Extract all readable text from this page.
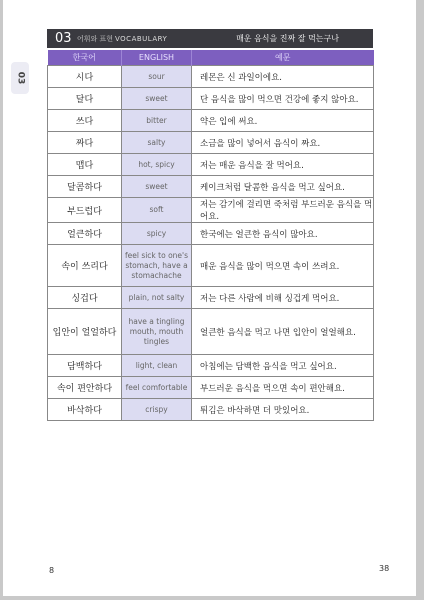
03
03 어휘와 표현 VOCABULARY	매운 음식을 진짜 잘 먹는구나
한국어	ENGLISH	예문
시다	sour	레몬은 신 과일이에요.
달다	sweet	단 음식을 많이 먹으면 건강에 좋지 않아요.
쓰다	bitter	약은 입에 써요.
짜다	salty	소금을 많이 넣어서 음식이 짜요.
맵다	hot, spicy	저는 매운 음식을 잘 먹어요.
달콤하다	sweet	케이크처럼 달콤한 음식을 먹고 싶어요.
부드럽다	soft	저는 감기에 걸리면 죽처럼 부드러운 음식을 먹어요.
얼큰하다	spicy	한국에는 얼큰한 음식이 많아요.
속이 쓰리다	feel sick to one's stomach, have a stomachache	매운 음식을 많이 먹으면 속이 쓰려요.
싱겁다	plain, not salty	저는 다른 사람에 비해 싱겁게 먹어요.
입안이 얼얼하다	have a tingling mouth, mouth tingles	얼큰한 음식을 먹고 나면 입안이 얼얼해요.
담백하다	light, clean	아침에는 담백한 음식을 먹고 싶어요.
속이 편안하다	feel comfortable	부드러운 음식을 먹으면 속이 편안해요.
바삭하다	crispy	튀김은 바삭하면 더 맛있어요.
8	38
